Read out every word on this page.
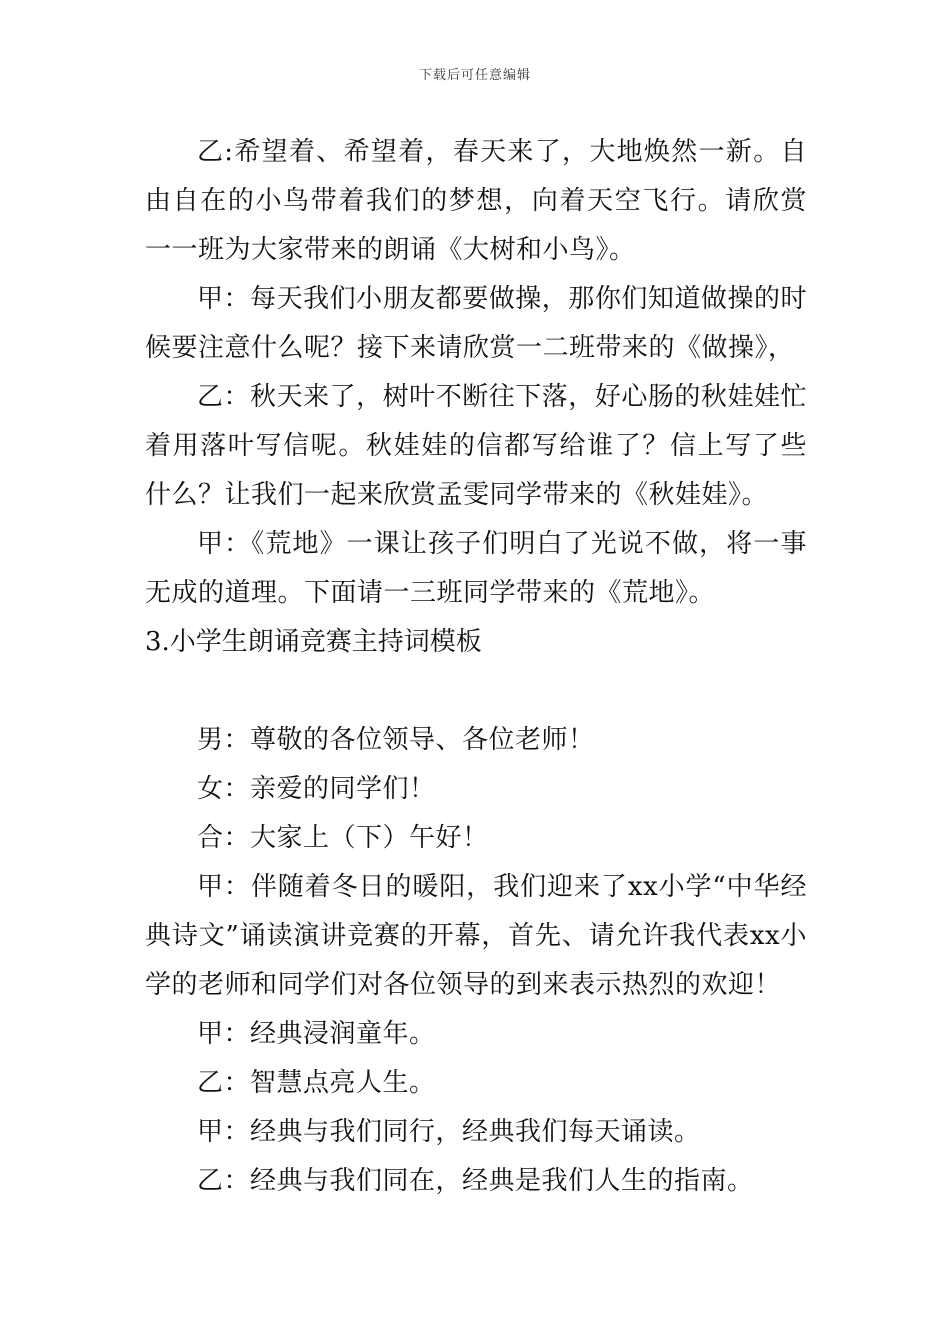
下载后可任意编辑

乙:希望着、希望着，春天来了，大地焕然一新。自由自在的小鸟带着我们的梦想，向着天空飞行。请欣赏一一班为大家带来的朗诵《大树和小鸟》。

甲：每天我们小朋友都要做操，那你们知道做操的时候要注意什么呢？接下来请欣赏一二班带来的《做操》，

乙：秋天来了，树叶不断往下落，好心肠的秋娃娃忙着用落叶写信呢。秋娃娃的信都写给谁了？信上写了些什么？让我们一起来欣赏孟雯同学带来的《秋娃娃》。

甲：《荒地》一课让孩子们明白了光说不做，将一事无成的道理。下面请一三班同学带来的《荒地》。

3.小学生朗诵竞赛主持词模板

男：尊敬的各位领导、各位老师！

女：亲爱的同学们！

合：大家上（下）午好！

甲：伴随着冬日的暖阳，我们迎来了xx小学“中华经典诗文”诵读演讲竞赛的开幕，首先、请允许我代表xx小学的老师和同学们对各位领导的到来表示热烈的欢迎！

甲：经典浸润童年。

乙：智慧点亮人生。

甲：经典与我们同行，经典我们每天诵读。

乙：经典与我们同在，经典是我们人生的指南。
